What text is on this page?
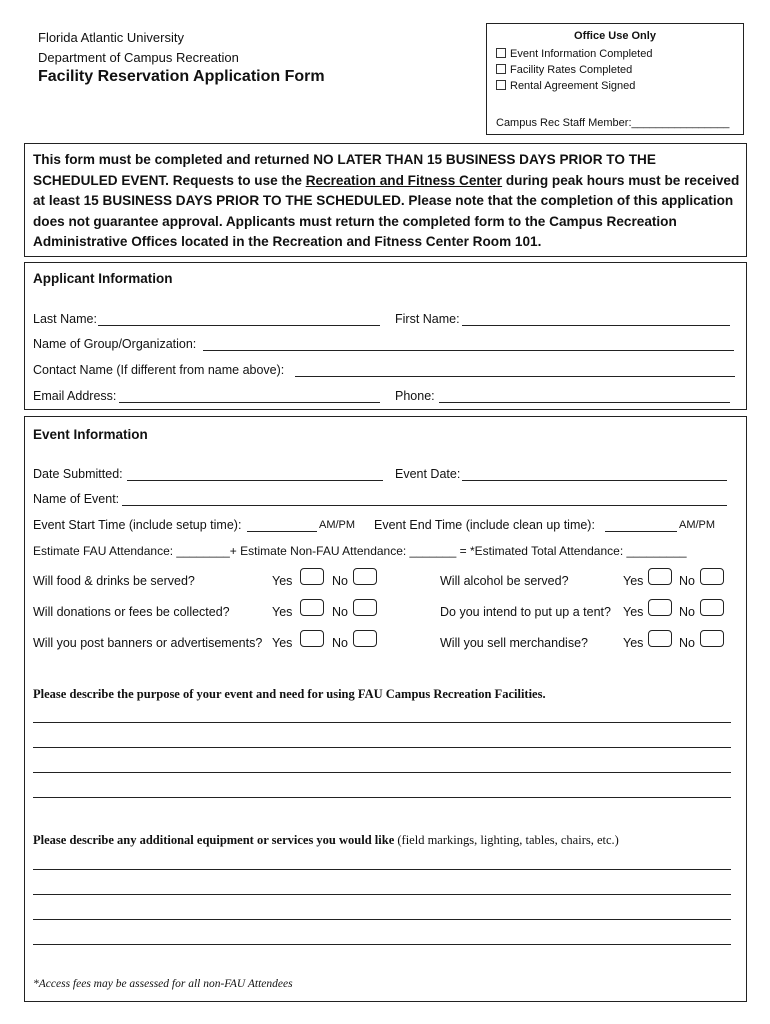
Florida Atlantic University
Department of Campus Recreation
Facility Reservation Application Form
Office Use Only
Event Information Completed
Facility Rates Completed
Rental Agreement Signed
Campus Rec Staff Member:________________
This form must be completed and returned NO LATER THAN 15 BUSINESS DAYS PRIOR TO THE SCHEDULED EVENT. Requests to use the Recreation and Fitness Center during peak hours must be received at least 15 BUSINESS DAYS PRIOR TO THE SCHEDULED. Please note that the completion of this application does not guarantee approval. Applicants must return the completed form to the Campus Recreation Administrative Offices located in the Recreation and Fitness Center Room 101.
Applicant Information
Last Name:	First Name:
Name of Group/Organization:
Contact Name (If different from name above):
Email Address:	Phone:
Event Information
Date Submitted:	Event Date:
Name of Event:
Event Start Time (include setup time):	AM/PM Event End Time (include clean up time):	AM/PM
Estimate FAU Attendance: ________+ Estimate Non-FAU Attendance: _______ = *Estimated Total Attendance: _________
Will food & drinks be served?	Yes	No	Will alcohol be served?	Yes	No
Will donations or fees be collected?	Yes	No	Do you intend to put up a tent? Yes	No
Will you post banners or advertisements? Yes	No	Will you sell merchandise?	Yes	No
Please describe the purpose of your event and need for using FAU Campus Recreation Facilities.
Please describe any additional equipment or services you would like (field markings, lighting, tables, chairs, etc.)
*Access fees may be assessed for all non-FAU Attendees
